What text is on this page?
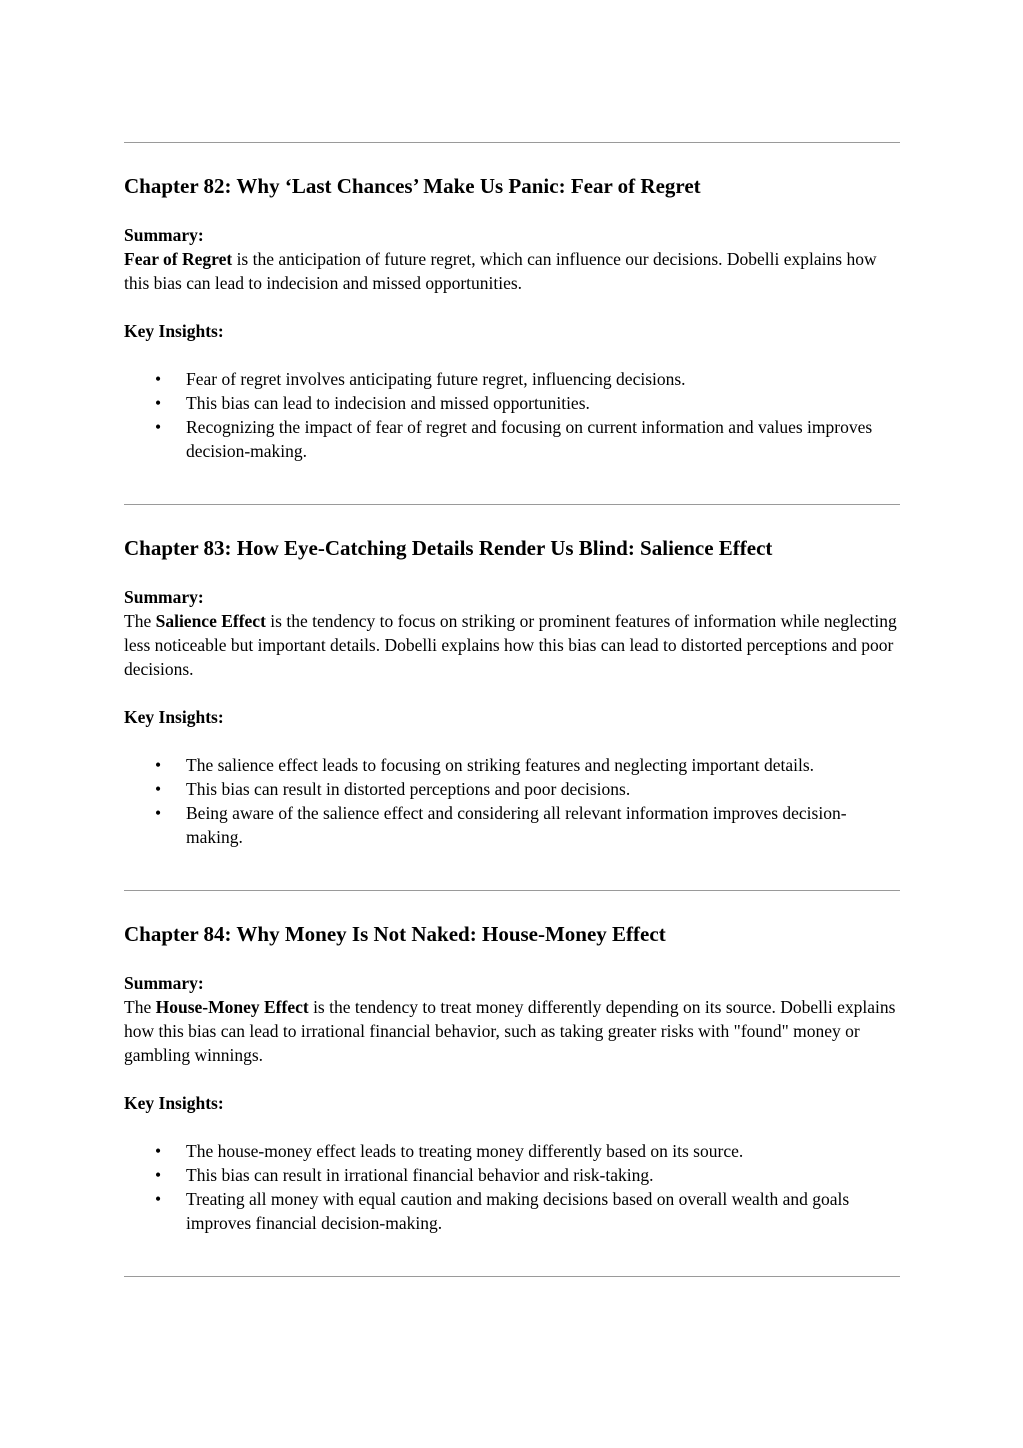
Chapter 82: Why ‘Last Chances’ Make Us Panic: Fear of Regret
Summary:

Fear of Regret is the anticipation of future regret, which can influence our decisions. Dobelli explains how this bias can lead to indecision and missed opportunities.

Key Insights:
• Fear of regret involves anticipating future regret, influencing decisions.
• This bias can lead to indecision and missed opportunities.
• Recognizing the impact of fear of regret and focusing on current information and values improves decision-making.
Chapter 83: How Eye-Catching Details Render Us Blind: Salience Effect
Summary:

The Salience Effect is the tendency to focus on striking or prominent features of information while neglecting less noticeable but important details. Dobelli explains how this bias can lead to distorted perceptions and poor decisions.

Key Insights:
• The salience effect leads to focusing on striking features and neglecting important details.
• This bias can result in distorted perceptions and poor decisions.
• Being aware of the salience effect and considering all relevant information improves decision-making.
Chapter 84: Why Money Is Not Naked: House-Money Effect
Summary:

The House-Money Effect is the tendency to treat money differently depending on its source. Dobelli explains how this bias can lead to irrational financial behavior, such as taking greater risks with "found" money or gambling winnings.

Key Insights:
• The house-money effect leads to treating money differently based on its source.
• This bias can result in irrational financial behavior and risk-taking.
• Treating all money with equal caution and making decisions based on overall wealth and goals improves financial decision-making.
